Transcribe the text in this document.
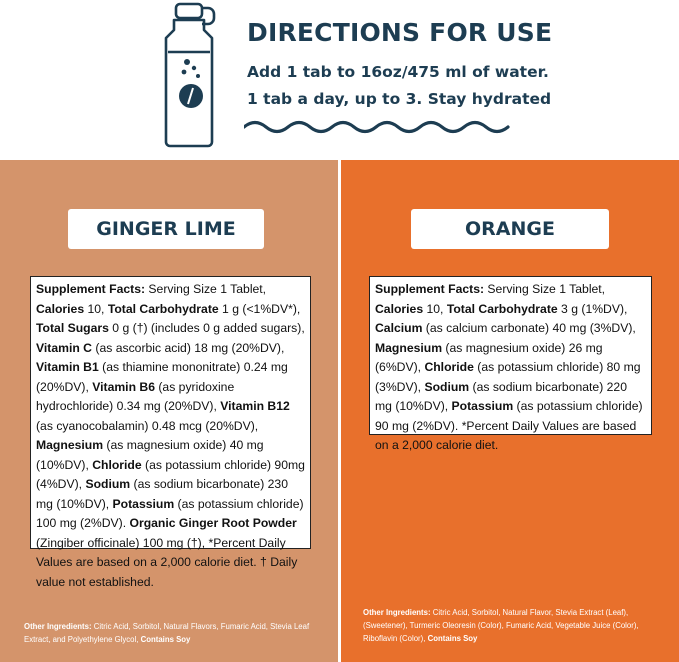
DIRECTIONS FOR USE
Add 1 tab to 16oz/475 ml of water.
1 tab a day, up to 3. Stay hydrated
GINGER LIME
Supplement Facts: Serving Size 1 Tablet, Calories 10, Total Carbohydrate 1 g (<1%DV*), Total Sugars 0 g (†) (includes 0 g added sugars), Vitamin C (as ascorbic acid) 18 mg (20%DV), Vitamin B1 (as thiamine mononitrate) 0.24 mg (20%DV), Vitamin B6 (as pyridoxine hydrochloride) 0.34 mg (20%DV), Vitamin B12 (as cyanocobalamin) 0.48 mcg (20%DV), Magnesium (as magnesium oxide) 40 mg (10%DV), Chloride (as potassium chloride) 90mg (4%DV), Sodium (as sodium bicarbonate) 230 mg (10%DV), Potassium (as potassium chloride) 100 mg (2%DV). Organic Ginger Root Powder (Zingiber officinale) 100 mg (†), *Percent Daily Values are based on a 2,000 calorie diet. † Daily value not established.
Other Ingredients: Citric Acid, Sorbitol, Natural Flavors, Fumaric Acid, Stevia Leaf Extract, and Polyethylene Glycol, Contains Soy
ORANGE
Supplement Facts: Serving Size 1 Tablet, Calories 10, Total Carbohydrate 3 g (1%DV), Calcium (as calcium carbonate) 40 mg (3%DV), Magnesium (as magnesium oxide) 26 mg (6%DV), Chloride (as potassium chloride) 80 mg (3%DV), Sodium (as sodium bicarbonate) 220 mg (10%DV), Potassium (as potassium chloride) 90 mg (2%DV). *Percent Daily Values are based on a 2,000 calorie diet.
Other Ingredients: Citric Acid, Sorbitol, Natural Flavor, Stevia Extract (Leaf), (Sweetener), Turmeric Oleoresin (Color), Fumaric Acid, Vegetable Juice (Color), Riboflavin (Color), Contains Soy
